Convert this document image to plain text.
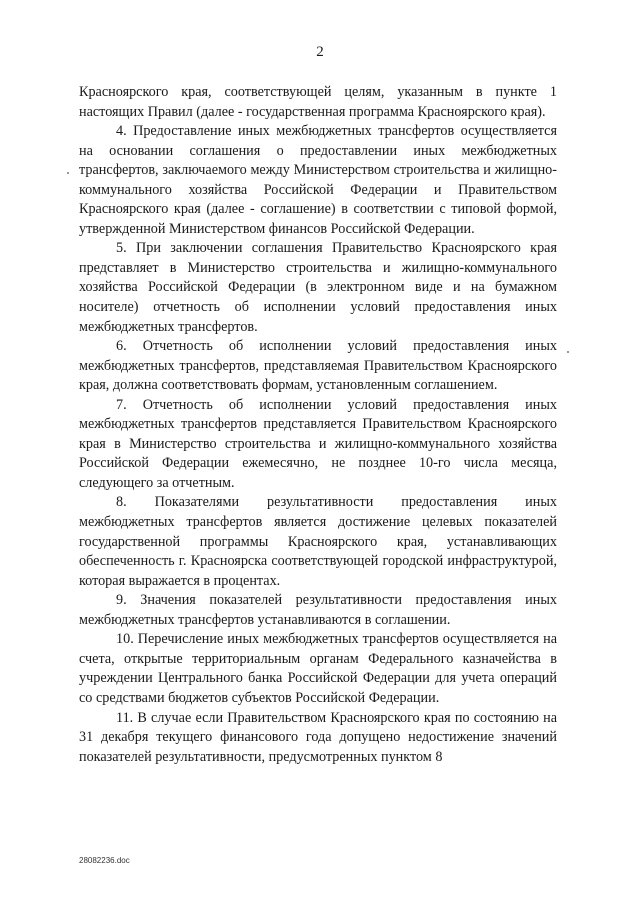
2

Красноярского края, соответствующей целям, указанным в пункте 1 настоящих Правил (далее - государственная программа Красноярского края).

4. Предоставление иных межбюджетных трансфертов осуществляется на основании соглашения о предоставлении иных межбюджетных трансфертов, заключаемого между Министерством строительства и жилищно-коммунального хозяйства Российской Федерации и Правительством Красноярского края (далее - соглашение) в соответствии с типовой формой, утвержденной Министерством финансов Российской Федерации.

5. При заключении соглашения Правительство Красноярского края представляет в Министерство строительства и жилищно-коммунального хозяйства Российской Федерации (в электронном виде и на бумажном носителе) отчетность об исполнении условий предоставления иных межбюджетных трансфертов.

6. Отчетность об исполнении условий предоставления иных межбюджетных трансфертов, представляемая Правительством Красноярского края, должна соответствовать формам, установленным соглашением.

7. Отчетность об исполнении условий предоставления иных межбюджетных трансфертов представляется Правительством Красноярского края в Министерство строительства и жилищно-коммунального хозяйства Российской Федерации ежемесячно, не позднее 10-го числа месяца, следующего за отчетным.

8. Показателями результативности предоставления иных межбюджетных трансфертов является достижение целевых показателей государственной программы Красноярского края, устанавливающих обеспеченность г. Красноярска соответствующей городской инфраструктурой, которая выражается в процентах.

9. Значения показателей результативности предоставления иных межбюджетных трансфертов устанавливаются в соглашении.

10. Перечисление иных межбюджетных трансфертов осуществляется на счета, открытые территориальным органам Федерального казначейства в учреждении Центрального банка Российской Федерации для учета операций со средствами бюджетов субъектов Российской Федерации.

11. В случае если Правительством Красноярского края по состоянию на 31 декабря текущего финансового года допущено недостижение значений показателей результативности, предусмотренных пунктом 8

28082236.doc
